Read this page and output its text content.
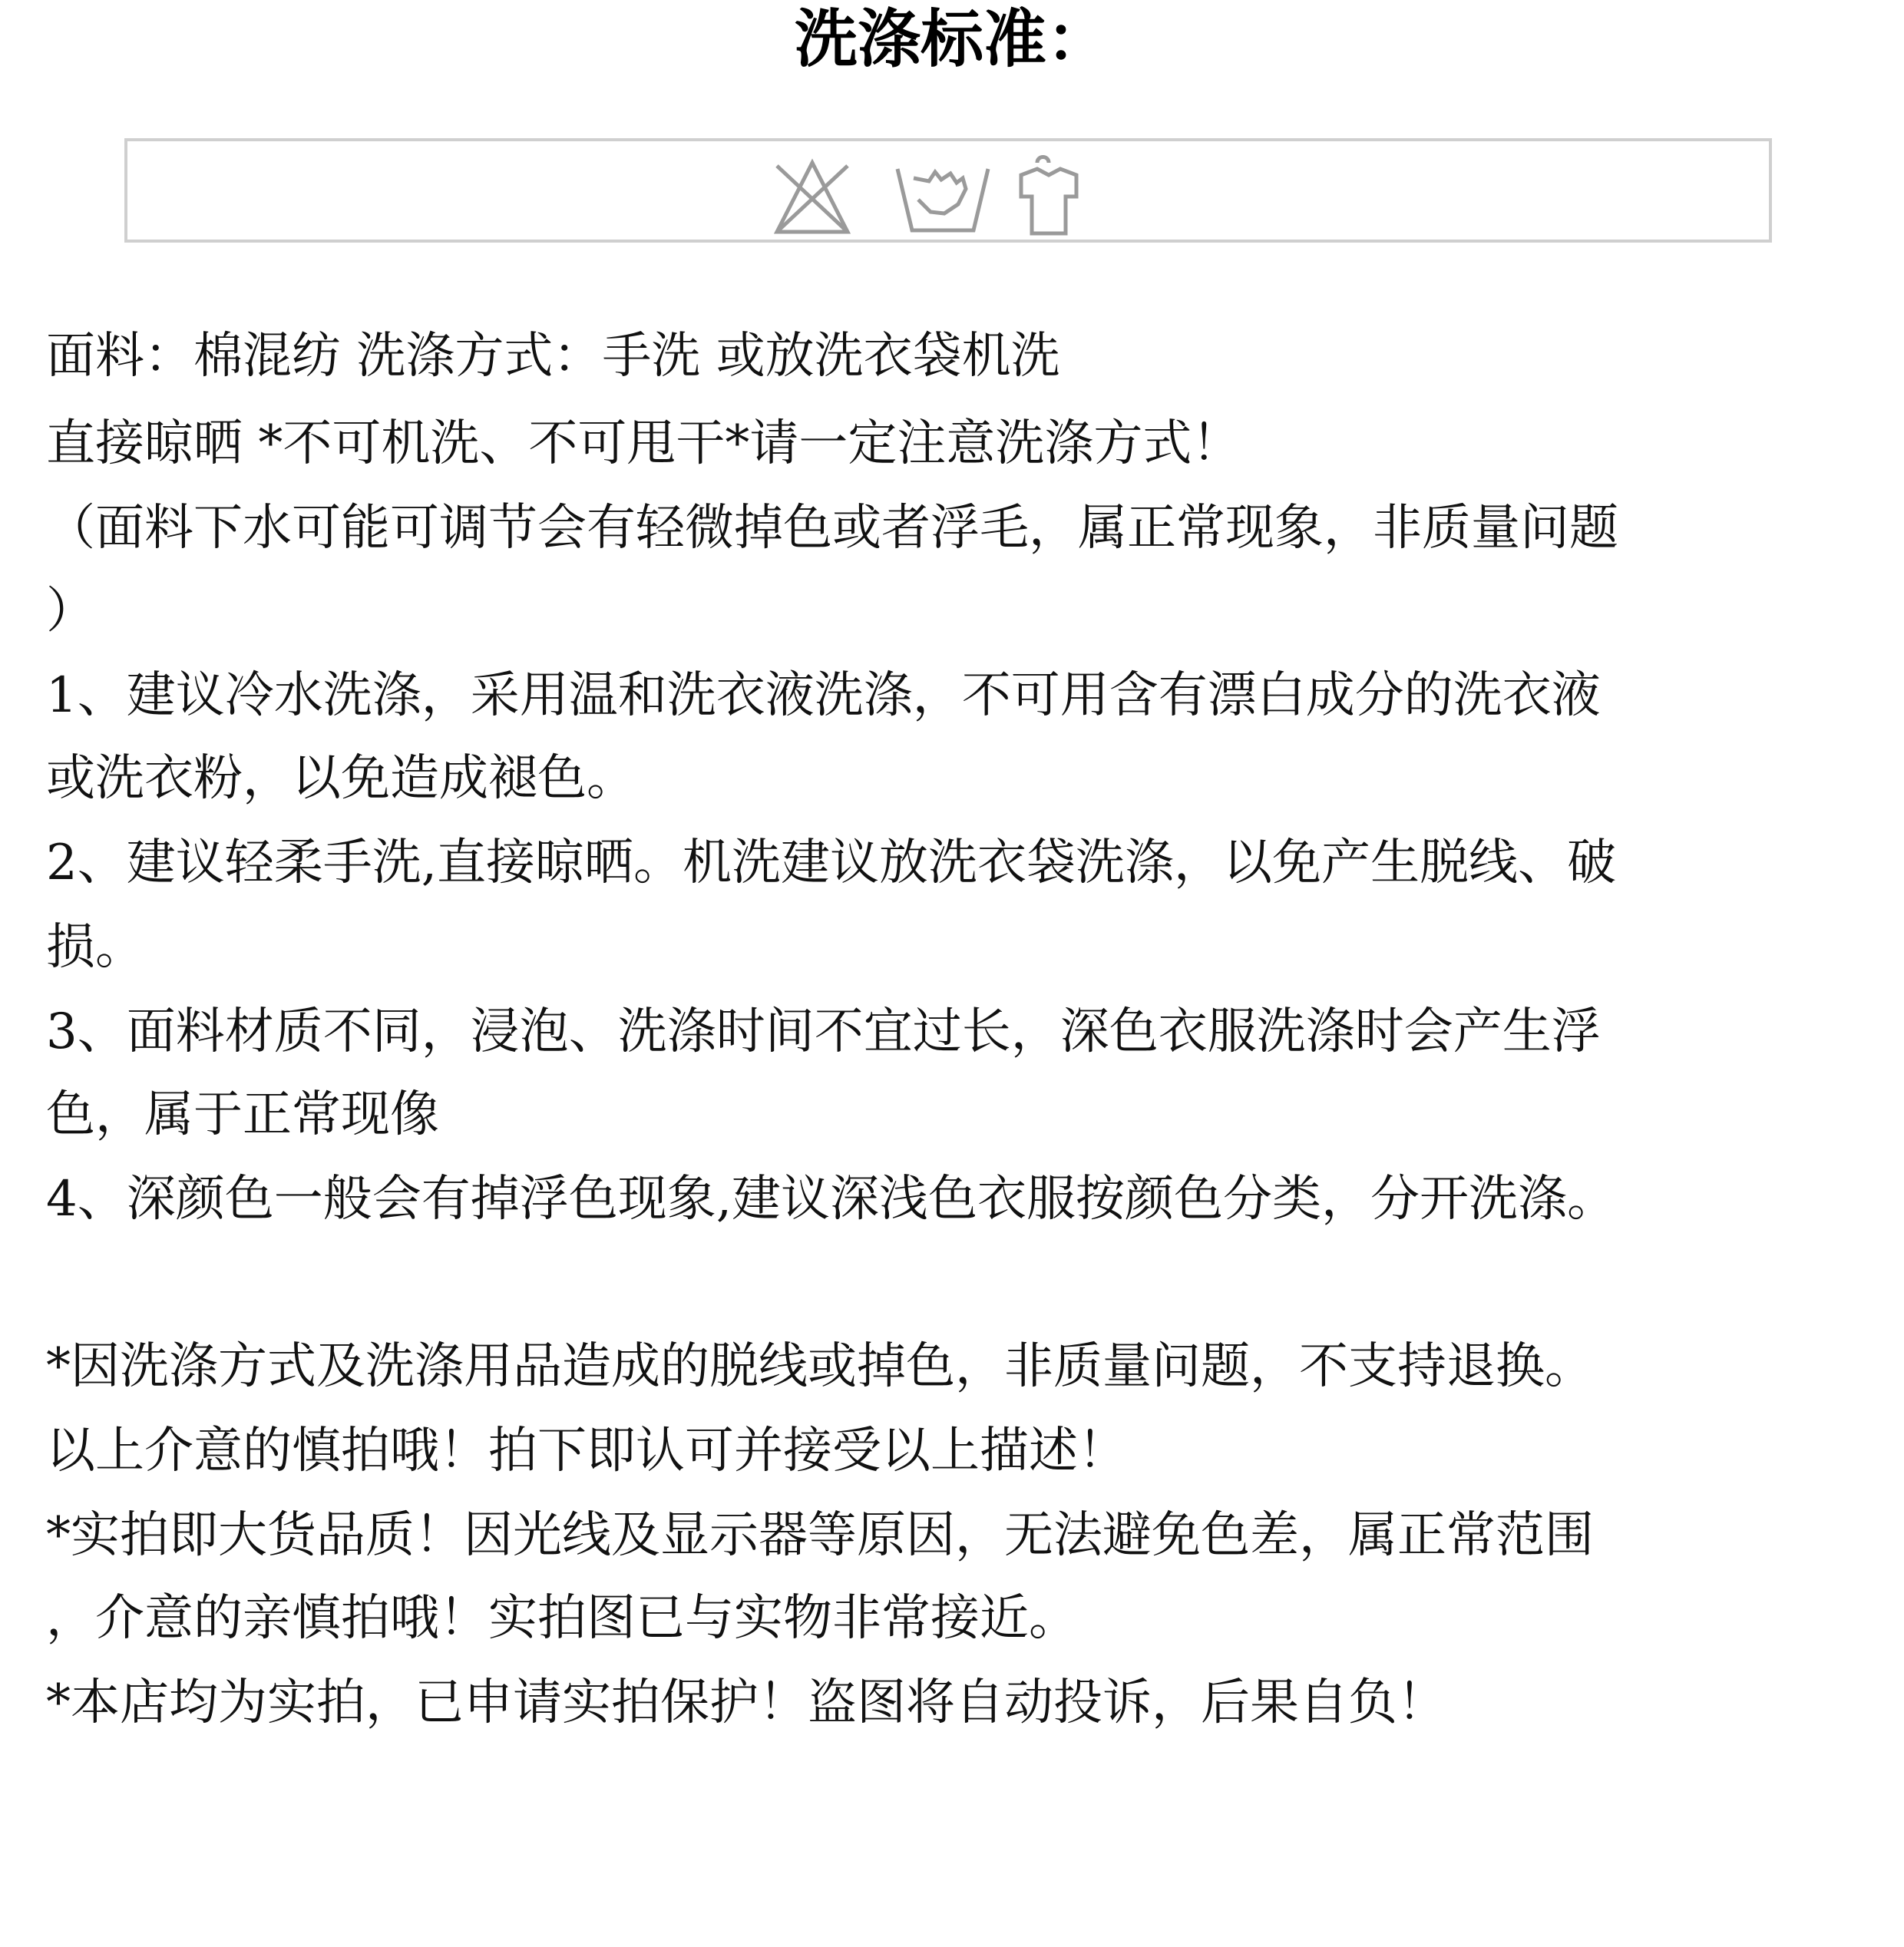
洗涤标准：
面料：棉混纺 洗涤方式：手洗 或放洗衣袋机洗
直接晾晒 *不可机洗、不可甩干*请一定注意洗涤方式！
（面料下水可能可调节会有轻微掉色或者浮毛，属正常现象，非质量问题
）
1、建议冷水洗涤，采用温和洗衣液洗涤，不可用含有漂白成分的洗衣液
或洗衣粉，以免造成褪色。
2、建议轻柔手洗,直接晾晒。机洗建议放洗衣袋洗涤，以免产生脱线、破
损。
3、面料材质不同，浸泡、洗涤时间不宜过长，深色衣服洗涤时会产生浮
色，属于正常现像
4、深颜色一般会有掉浮色现象,建议深浅色衣服按颜色分类，分开洗涤。
*因洗涤方式及洗涤用品造成的脱线或掉色，非质量问题，不支持退换。
以上介意的慎拍哦！拍下即认可并接受以上描述！
*实拍即大货品质！因光线及显示器等原因，无法避免色差，属正常范围
，介意的亲慎拍哦！实拍图已与实物非常接近。
*本店均为实拍，已申请实拍保护！盗图将自动投诉，后果自负！
